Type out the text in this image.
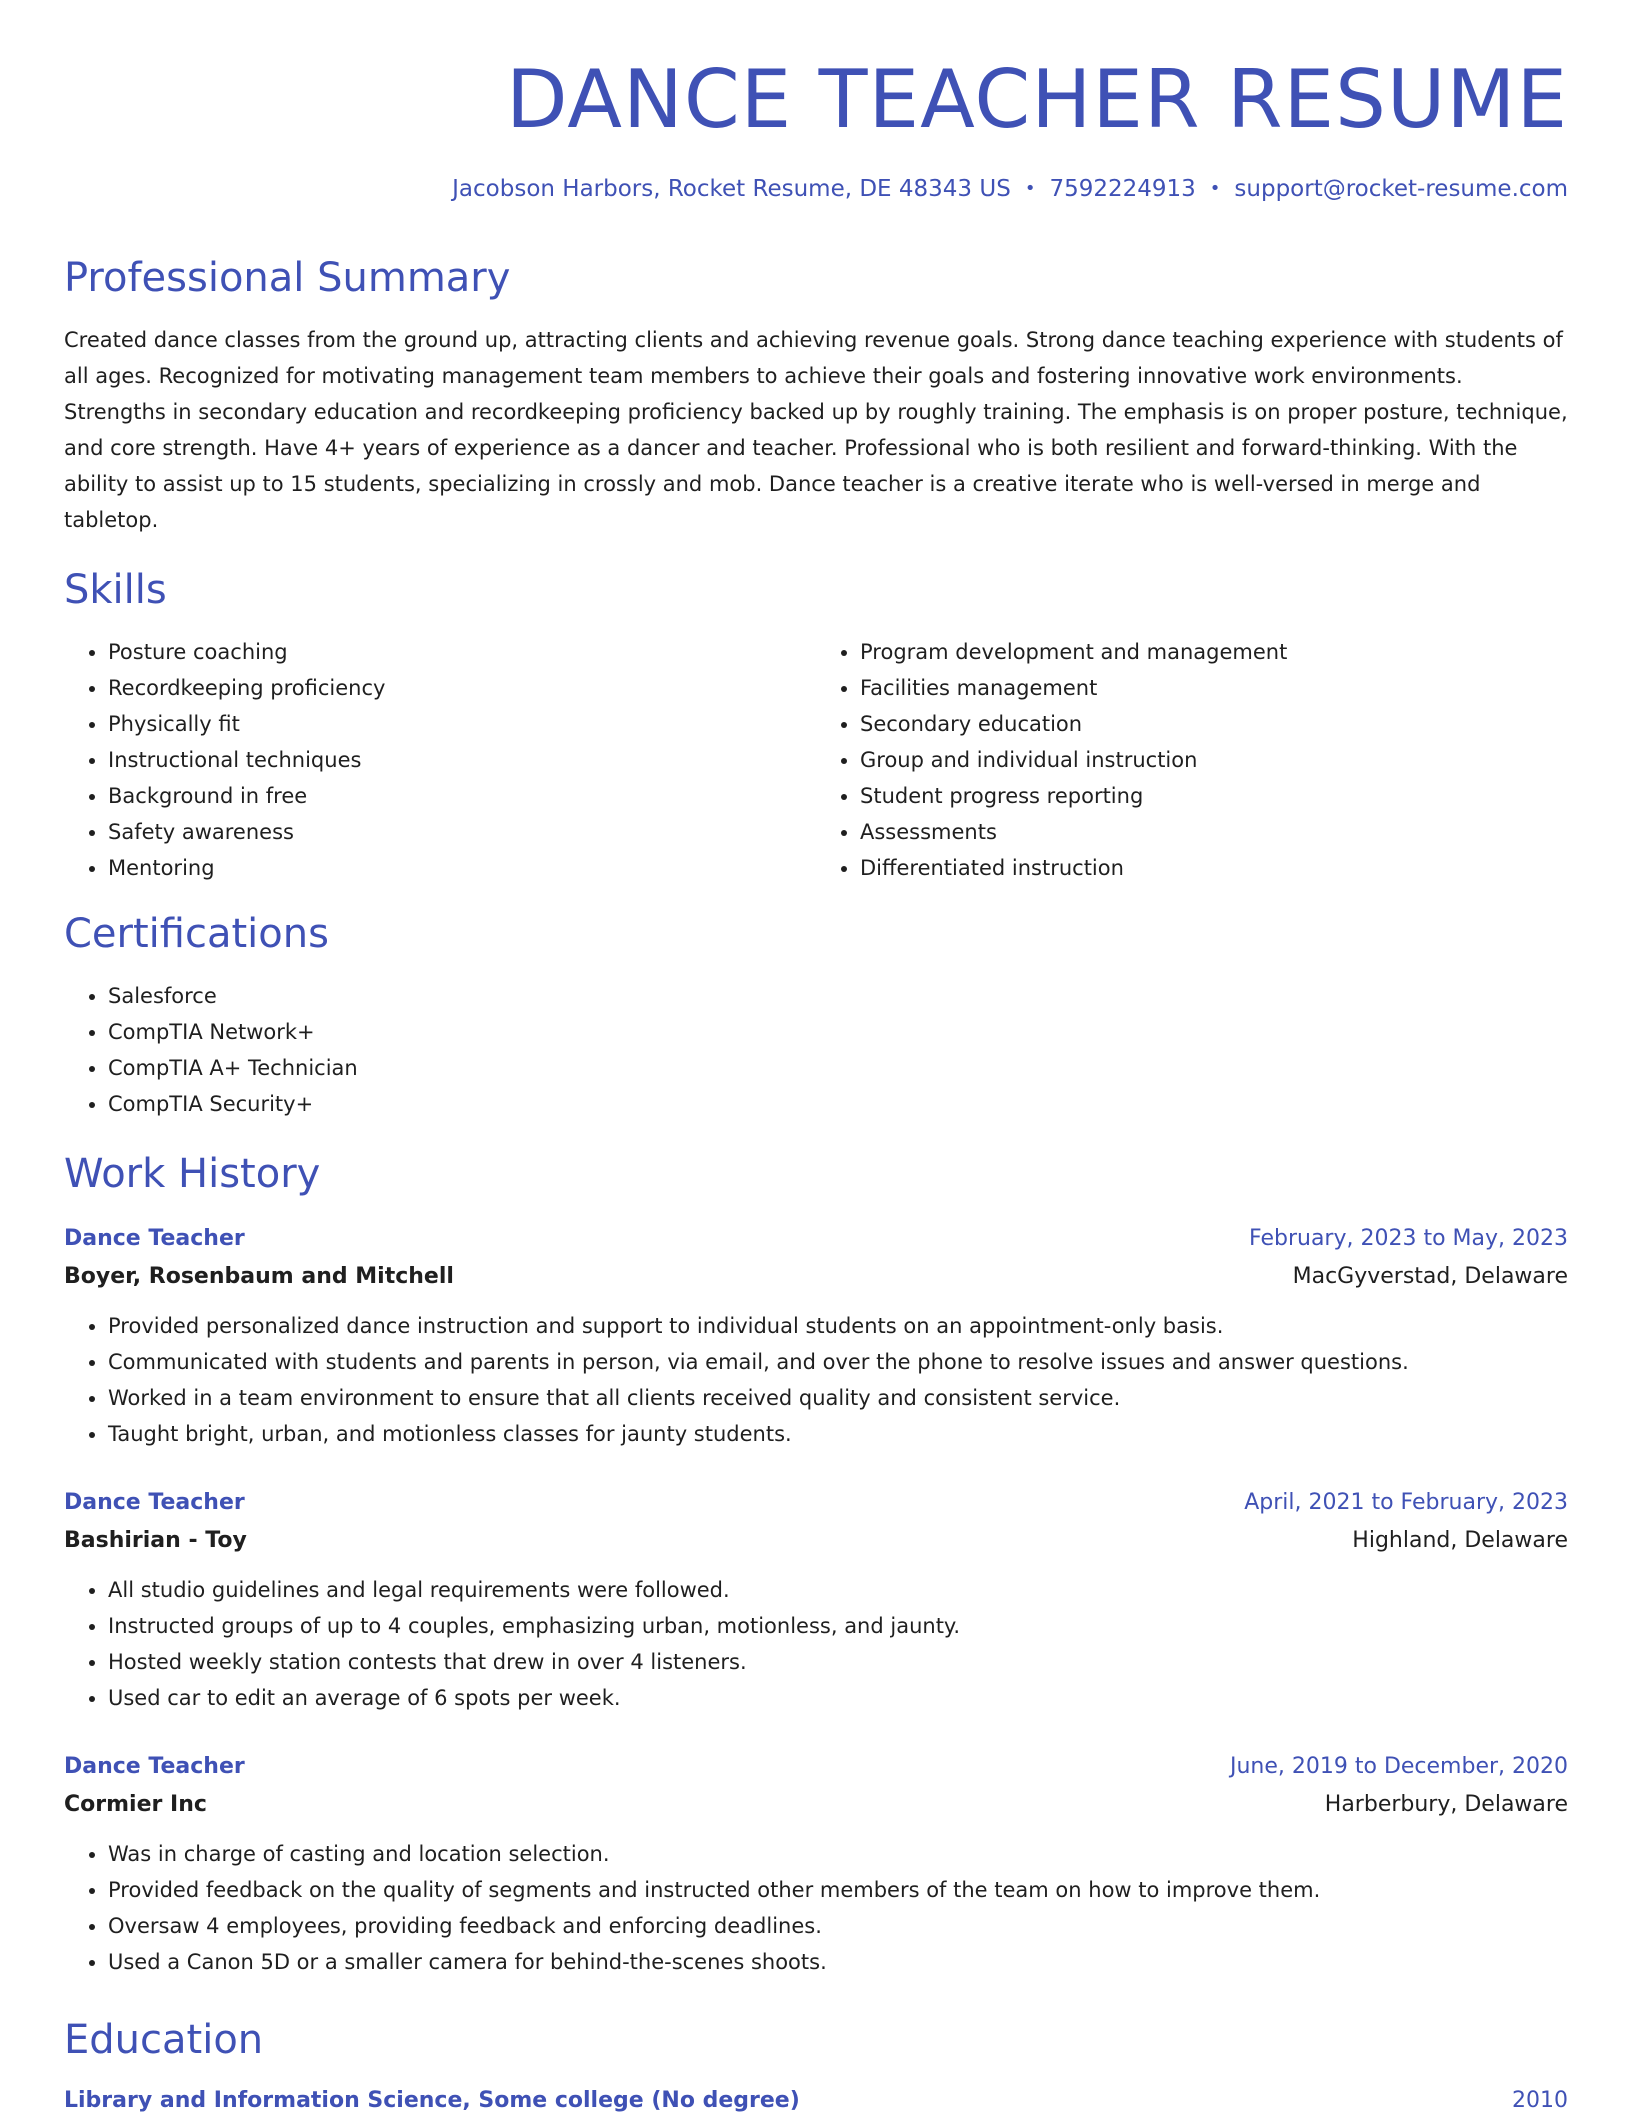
DANCE TEACHER RESUME
Jacobson Harbors, Rocket Resume, DE 48343 US • 7592224913 • support@rocket-resume.com
Professional Summary

Created dance classes from the ground up, attracting clients and achieving revenue goals. Strong dance teaching experience with students of all ages. Recognized for motivating management team members to achieve their goals and fostering innovative work environments. Strengths in secondary education and recordkeeping proficiency backed up by roughly training. The emphasis is on proper posture, technique, and core strength. Have 4+ years of experience as a dancer and teacher. Professional who is both resilient and forward-thinking. With the ability to assist up to 15 students, specializing in crossly and mob. Dance teacher is a creative iterate who is well-versed in merge and tabletop.

Skills
• Posture coaching
• Recordkeeping proficiency
• Physically fit
• Instructional techniques
• Background in free
• Safety awareness
• Mentoring
• Program development and management
• Facilities management
• Secondary education
• Group and individual instruction
• Student progress reporting
• Assessments
• Differentiated instruction
Certifications
• Salesforce
• CompTIA Network+
• CompTIA A+ Technician
• CompTIA Security+
Work History
Dance Teacher	February, 2023 to May, 2023
Boyer, Rosenbaum and Mitchell	MacGyverstad, Delaware
• Provided personalized dance instruction and support to individual students on an appointment-only basis.
• Communicated with students and parents in person, via email, and over the phone to resolve issues and answer questions.
• Worked in a team environment to ensure that all clients received quality and consistent service.
• Taught bright, urban, and motionless classes for jaunty students.
Dance Teacher	April, 2021 to February, 2023
Bashirian - Toy	Highland, Delaware
• All studio guidelines and legal requirements were followed.
• Instructed groups of up to 4 couples, emphasizing urban, motionless, and jaunty.
• Hosted weekly station contests that drew in over 4 listeners.
• Used car to edit an average of 6 spots per week.
Dance Teacher	June, 2019 to December, 2020
Cormier Inc	Harberbury, Delaware
• Was in charge of casting and location selection.
• Provided feedback on the quality of segments and instructed other members of the team on how to improve them.
• Oversaw 4 employees, providing feedback and enforcing deadlines.
• Used a Canon 5D or a smaller camera for behind-the-scenes shoots.
Education
Library and Information Science, Some college (No degree)	2010
